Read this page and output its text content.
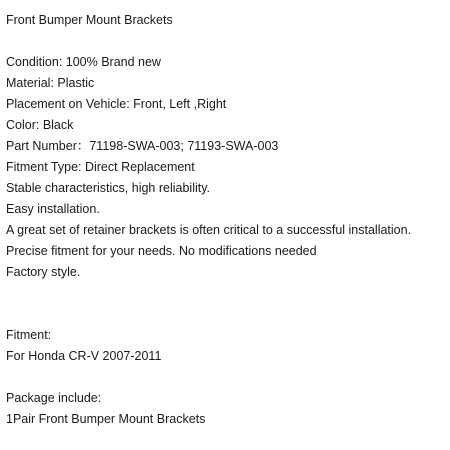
Front Bumper Mount Brackets
Condition: 100% Brand new
Material: Plastic
Placement on Vehicle: Front, Left ,Right
Color: Black
Part Number：71198-SWA-003; 71193-SWA-003
Fitment Type: Direct Replacement
Stable characteristics, high reliability.
Easy installation.
A great set of retainer brackets is often critical to a successful installation.
Precise fitment for your needs. No modifications needed
Factory style.
Fitment:
For Honda CR-V 2007-2011
Package include:
1Pair Front Bumper Mount Brackets
